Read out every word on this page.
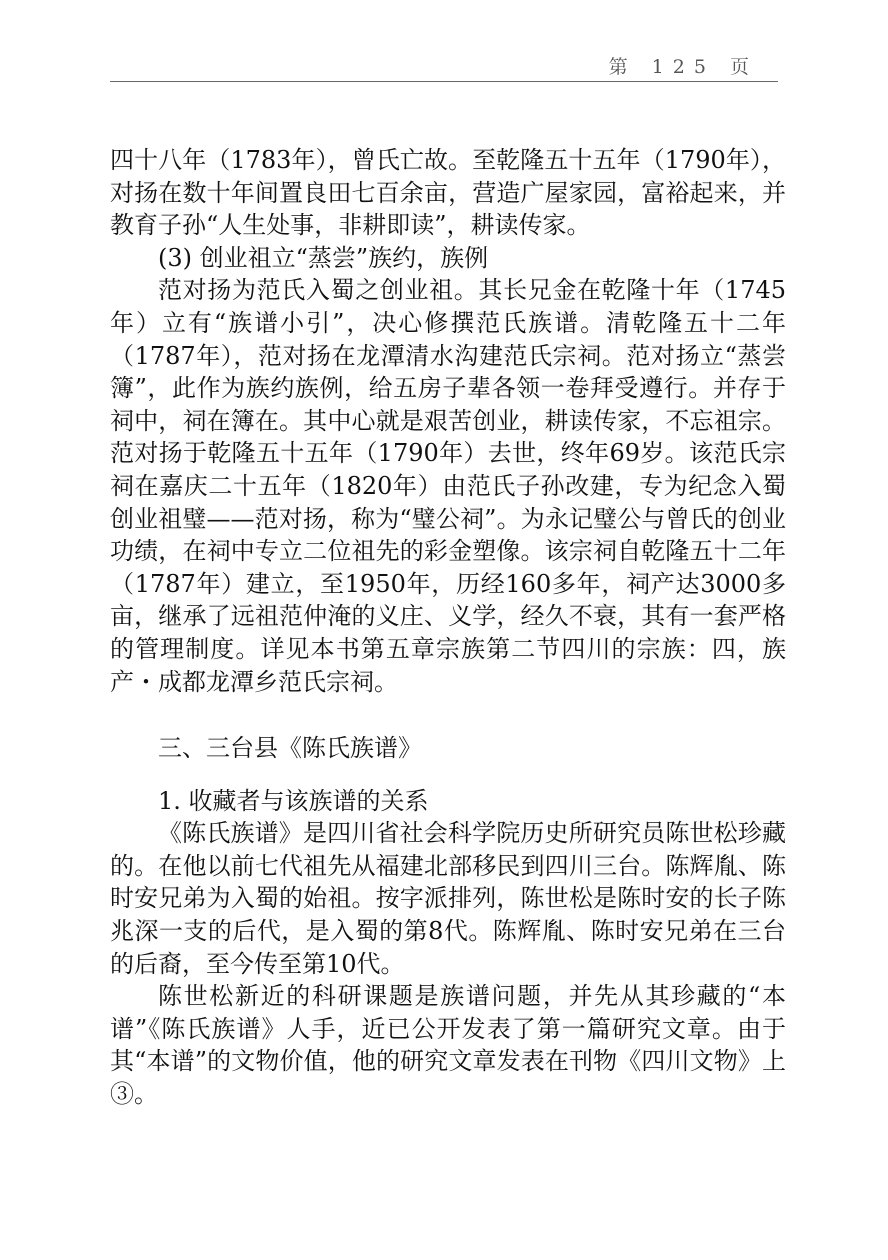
第 125 页

四十八年（1783年），曾氏亡故。至乾隆五十五年（1790年），对扬在数十年间置良田七百余亩，营造广屋家园，富裕起来，并教育子孙“人生处事，非耕即读”，耕读传家。

(3) 创业祖立“蒸尝”族约，族例

范对扬为范氏入蜀之创业祖。其长兄金在乾隆十年（1745年）立有“族谱小引”，决心修撰范氏族谱。清乾隆五十二年（1787年），范对扬在龙潭清水沟建范氏宗祠。范对扬立“蒸尝簿”，此作为族约族例，给五房子辈各领一卷拜受遵行。并存于祠中，祠在簿在。其中心就是艰苦创业，耕读传家，不忘祖宗。范对扬于乾隆五十五年（1790年）去世，终年69岁。该范氏宗祠在嘉庆二十五年（1820年）由范氏子孙改建，专为纪念入蜀创业祖璧——范对扬，称为“璧公祠”。为永记璧公与曾氏的创业功绩，在祠中专立二位祖先的彩金塑像。该宗祠自乾隆五十二年（1787年）建立，至1950年，历经160多年，祠产达3000多亩，继承了远祖范仲淹的义庄、义学，经久不衰，其有一套严格的管理制度。详见本书第五章宗族第二节四川的宗族：四，族产・成都龙潭乡范氏宗祠。

三、三台县《陈氏族谱》

1. 收藏者与该族谱的关系

《陈氏族谱》是四川省社会科学院历史所研究员陈世松珍藏的。在他以前七代祖先从福建北部移民到四川三台。陈辉胤、陈时安兄弟为入蜀的始祖。按字派排列，陈世松是陈时安的长子陈兆深一支的后代，是入蜀的第8代。陈辉胤、陈时安兄弟在三台的后裔，至今传至第10代。

陈世松新近的科研课题是族谱问题，并先从其珍藏的“本谱”《陈氏族谱》人手，近已公开发表了第一篇研究文章。由于其“本谱”的文物价值，他的研究文章发表在刊物《四川文物》上③。
